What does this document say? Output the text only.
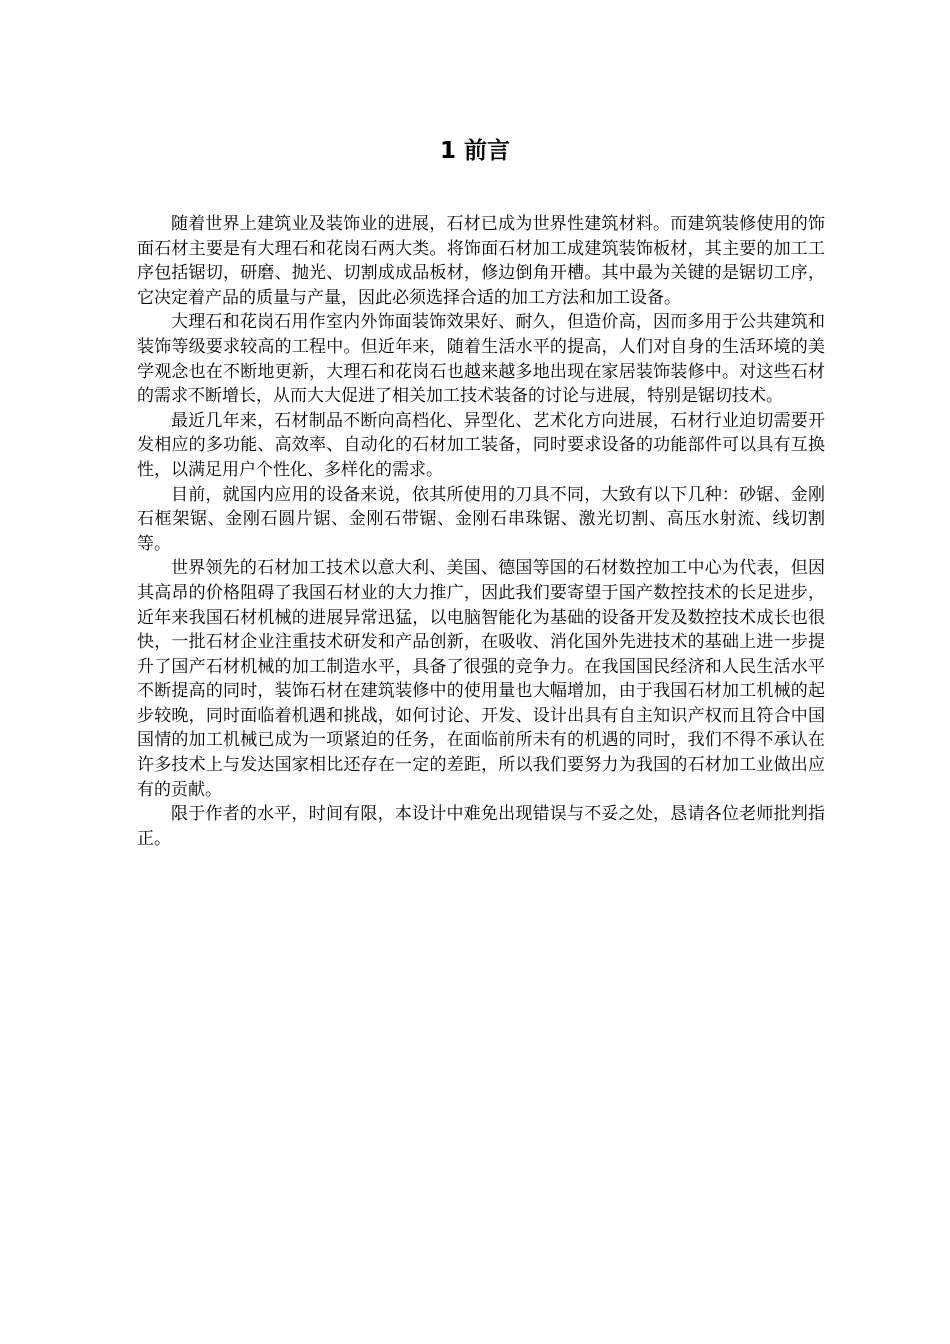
1 前言

随着世界上建筑业及装饰业的进展，石材已成为世界性建筑材料。而建筑装修使用的饰面石材主要是有大理石和花岗石两大类。将饰面石材加工成建筑装饰板材，其主要的加工工序包括锯切，研磨、抛光、切割成成品板材，修边倒角开槽。其中最为关键的是锯切工序，它决定着产品的质量与产量，因此必须选择合适的加工方法和加工设备。

大理石和花岗石用作室内外饰面装饰效果好、耐久，但造价高，因而多用于公共建筑和装饰等级要求较高的工程中。但近年来，随着生活水平的提高，人们对自身的生活环境的美学观念也在不断地更新，大理石和花岗石也越来越多地出现在家居装饰装修中。对这些石材的需求不断增长，从而大大促进了相关加工技术装备的讨论与进展，特别是锯切技术。

最近几年来，石材制品不断向高档化、异型化、艺术化方向进展，石材行业迫切需要开发相应的多功能、高效率、自动化的石材加工装备，同时要求设备的功能部件可以具有互换性，以满足用户个性化、多样化的需求。

目前，就国内应用的设备来说，依其所使用的刀具不同，大致有以下几种：砂锯、金刚石框架锯、金刚石圆片锯、金刚石带锯、金刚石串珠锯、激光切割、高压水射流、线切割等。

世界领先的石材加工技术以意大利、美国、德国等国的石材数控加工中心为代表，但因其高昂的价格阻碍了我国石材业的大力推广，因此我们要寄望于国产数控技术的长足进步，近年来我国石材机械的进展异常迅猛，以电脑智能化为基础的设备开发及数控技术成长也很快，一批石材企业注重技术研发和产品创新，在吸收、消化国外先进技术的基础上进一步提升了国产石材机械的加工制造水平，具备了很强的竞争力。在我国国民经济和人民生活水平不断提高的同时，装饰石材在建筑装修中的使用量也大幅增加，由于我国石材加工机械的起步较晚，同时面临着机遇和挑战，如何讨论、开发、设计出具有自主知识产权而且符合中国国情的加工机械已成为一项紧迫的任务，在面临前所未有的机遇的同时，我们不得不承认在许多技术上与发达国家相比还存在一定的差距，所以我们要努力为我国的石材加工业做出应有的贡献。

限于作者的水平，时间有限，本设计中难免出现错误与不妥之处，恳请各位老师批判指正。
